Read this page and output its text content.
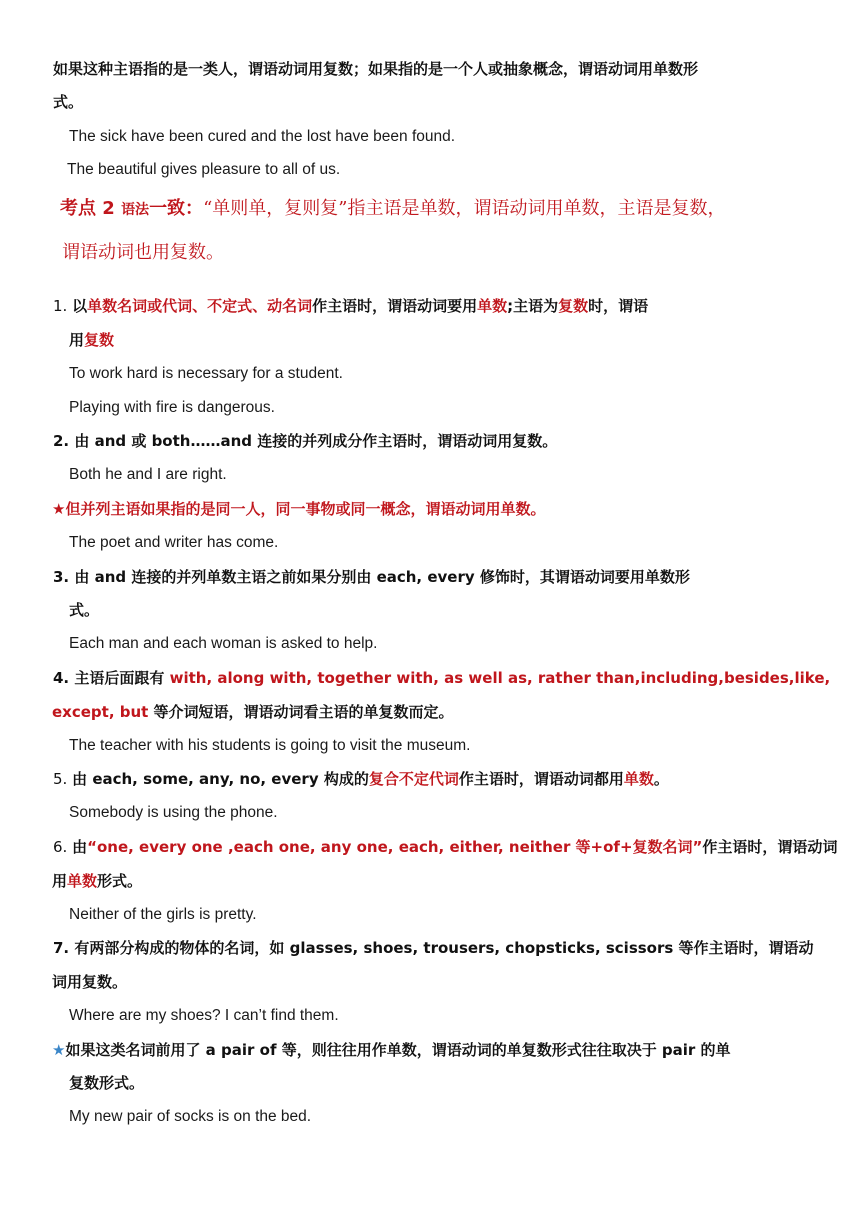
如果这种主语指的是一类人，谓语动词用复数；如果指的是一个人或抽象概念，谓语动词用单数形
式。
The sick have been cured and the lost have been found.
The beautiful gives pleasure to all of us.
考点 2 语法一致：“单则单，复则复”指主语是单数，谓语动词用单数，主语是复数，
谓语动词也用复数。
1. 以单数名词或代词、不定式、动名词作主语时，谓语动词要用单数;主语为复数时，谓语
用复数
To work hard is necessary for a student.
Playing with fire is dangerous.
2. 由 and 或 both……and 连接的并列成分作主语时，谓语动词用复数。
Both he and I are right.
★但并列主语如果指的是同一人，同一事物或同一概念，谓语动词用单数。
The poet and writer has come.
3. 由 and 连接的并列单数主语之前如果分别由 each, every 修饰时，其谓语动词要用单数形
式。
Each man and each woman is asked to help.
4. 主语后面跟有 with, along with, together with, as well as, rather than, including, besides, like,
except, but 等介词短语，谓语动词看主语的单复数而定。
The teacher with his students is going to visit the museum.
5. 由 each, some, any, no, every 构成的复合不定代词作主语时，谓语动词都用单数。
Somebody is using the phone.
6. 由“one, every one ,each one, any one, each, either, neither 等+of+复数名词”作主语时，谓 语 动 词
用单数形式。
Neither of the girls is pretty.
7. 有两部分构成的物体的名词，如 glasses, shoes, trousers, chopsticks, scissors 等作主语时，谓语动
词用复数。
Where are my shoes? I can’t find them.
★如果这类名词前用了 a pair of 等，则往往用作单数，谓语动词的单复数形式往往取决于 pair 的单
复数形式。
My new pair of socks is on the bed.
